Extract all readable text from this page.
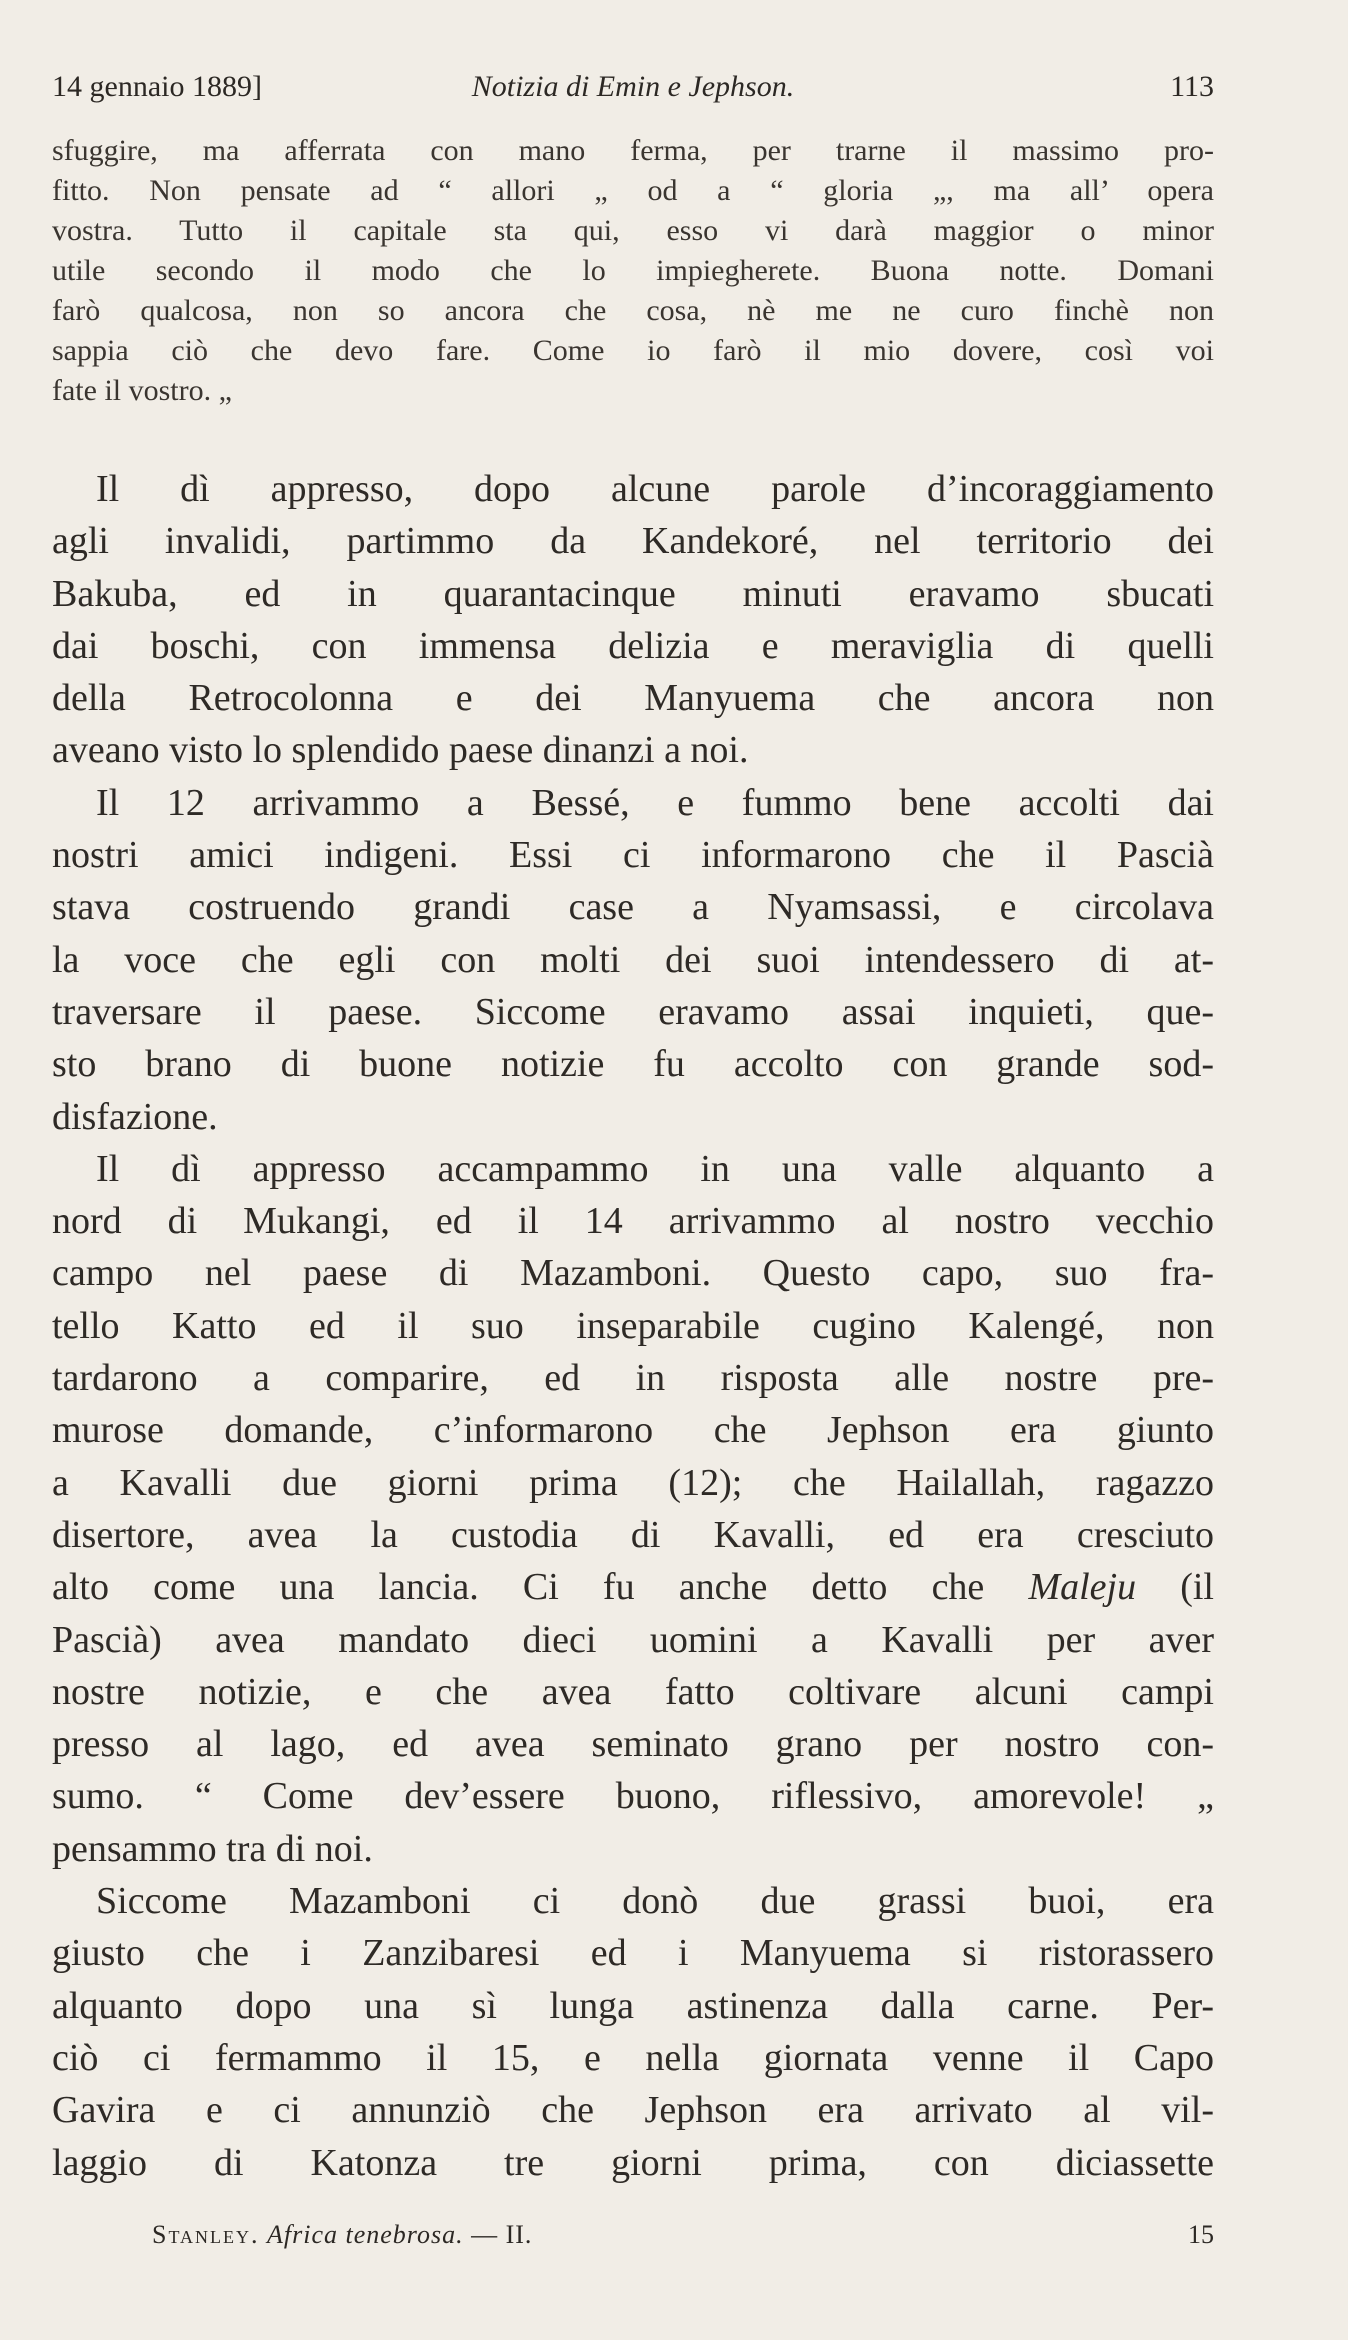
14 gennaio 1889]	Notizia di Emin e Jephson.	113
sfuggire, ma afferrata con mano ferma, per trarne il massimo pro-
fitto. Non pensate ad “ allori „ od a “ gloria „, ma all’ opera
vostra. Tutto il capitale sta qui, esso vi darà maggior o minor
utile secondo il modo che lo impiegherete. Buona notte. Domani
farò qualcosa, non so ancora che cosa, nè me ne curo finchè non
sappia ciò che devo fare. Come io farò il mio dovere, così voi
fate il vostro. „
Il dì appresso, dopo alcune parole d’incoraggiamento
agli invalidi, partimmo da Kandekoré, nel territorio dei
Bakuba, ed in quarantacinque minuti eravamo sbucati
dai boschi, con immensa delizia e meraviglia di quelli
della Retrocolonna e dei Manyuema che ancora non
aveano visto lo splendido paese dinanzi a noi.
Il 12 arrivammo a Bessé, e fummo bene accolti dai
nostri amici indigeni. Essi ci informarono che il Pascià
stava costruendo grandi case a Nyamsassi, e circolava
la voce che egli con molti dei suoi intendessero di at-
traversare il paese. Siccome eravamo assai inquieti, que-
sto brano di buone notizie fu accolto con grande sod-
disfazione.
Il dì appresso accampammo in una valle alquanto a
nord di Mukangi, ed il 14 arrivammo al nostro vecchio
campo nel paese di Mazamboni. Questo capo, suo fra-
tello Katto ed il suo inseparabile cugino Kalengé, non
tardarono a comparire, ed in risposta alle nostre pre-
murose domande, c’informarono che Jephson era giunto
a Kavalli due giorni prima (12); che Hailallah, ragazzo
disertore, avea la custodia di Kavalli, ed era cresciuto
alto come una lancia. Ci fu anche detto che Maleju (il
Pascià) avea mandato dieci uomini a Kavalli per aver
nostre notizie, e che avea fatto coltivare alcuni campi
presso al lago, ed avea seminato grano per nostro con-
sumo. “ Come dev’essere buono, riflessivo, amorevole! „
pensammo tra di noi.
Siccome Mazamboni ci donò due grassi buoi, era
giusto che i Zanzibaresi ed i Manyuema si ristorassero
alquanto dopo una sì lunga astinenza dalla carne. Per-
ciò ci fermammo il 15, e nella giornata venne il Capo
Gavira e ci annunziò che Jephson era arrivato al vil-
laggio di Katonza tre giorni prima, con diciassette
Stanley. Africa tenebrosa. — II.	15
